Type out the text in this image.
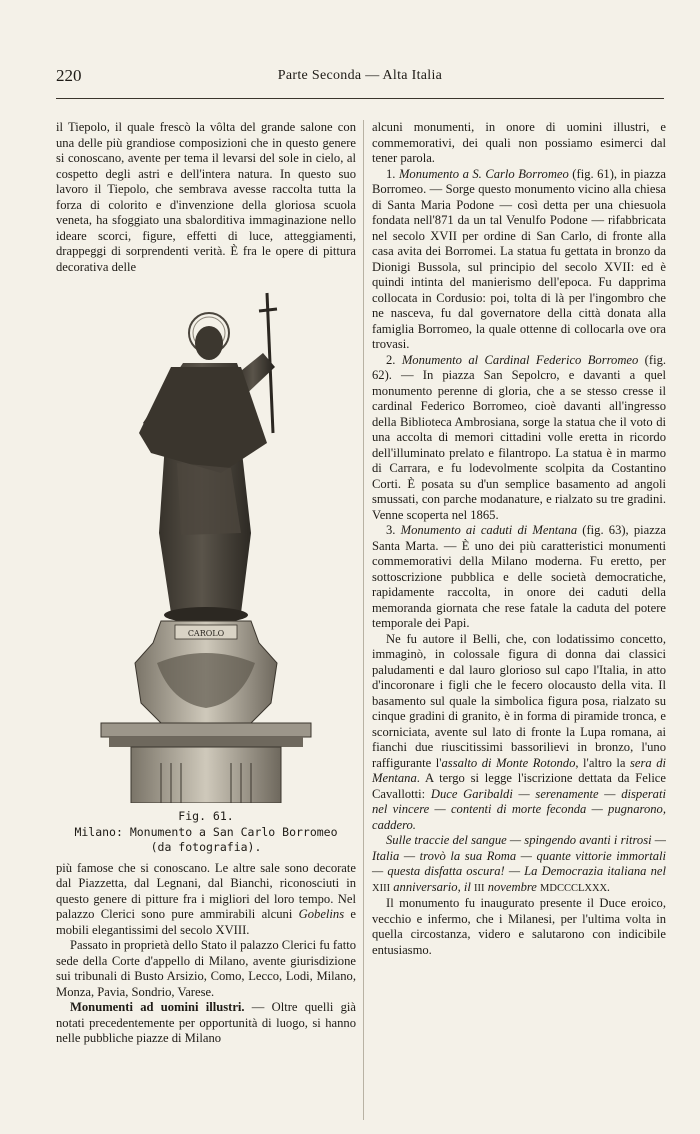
220	Parte Seconda — Alta Italia

il Tiepolo, il quale frescò la vôlta del grande salone con una delle più grandiose composizioni che in questo genere si conoscano, avente per tema il levarsi del sole in cielo, al cospetto degli astri e dell'intera natura. In questo suo lavoro il Tiepolo, che sembrava avesse raccolta tutta la forza di colorito e d'invenzione della gloriosa scuola veneta, ha sfoggiato una sbalorditiva immaginazione nello ideare scorci, figure, effetti di luce, atteggiamenti, drappeggi di sorprendenti verità. È fra le opere di pittura decorativa delle

CAROLO
Fig. 61.
Milano: Monumento a San Carlo Borromeo
(da fotografia).

più famose che si conoscano. Le altre sale sono decorate dal Piazzetta, dal Legnani, dal Bianchi, riconosciuti in questo genere di pitture fra i migliori del loro tempo. Nel palazzo Clerici sono pure ammirabili alcuni Gobelins e mobili elegantissimi del secolo XVIII.

Passato in proprietà dello Stato il palazzo Clerici fu fatto sede della Corte d'appello di Milano, avente giurisdizione sui tribunali di Busto Arsizio, Como, Lecco, Lodi, Milano, Monza, Pavia, Sondrio, Varese.

Monumenti ad uomini illustri. — Oltre quelli già notati precedentemente per opportunità di luogo, si hanno nelle pubbliche piazze di Milano

alcuni monumenti, in onore di uomini illustri, e commemorativi, dei quali non possiamo esimerci dal tener parola.

1. Monumento a S. Carlo Borromeo (fig. 61), in piazza Borromeo. — Sorge questo monumento vicino alla chiesa di Santa Maria Podone — così detta per una chiesuola fondata nell'871 da un tal Venulfo Podone — rifabbricata nel secolo XVII per ordine di San Carlo, di fronte alla casa avita dei Borromei. La statua fu gettata in bronzo da Dionigi Bussola, sul principio del secolo XVII: ed è quindi intinta del manierismo dell'epoca. Fu dapprima collocata in Cordusio: poi, tolta di là per l'ingombro che ne nasceva, fu dal governatore della città donata alla famiglia Borromeo, la quale ottenne di collocarla ove ora trovasi.

2. Monumento al Cardinal Federico Borromeo (fig. 62). — In piazza San Sepolcro, e davanti a quel monumento perenne di gloria, che a se stesso cresse il cardinal Federico Borromeo, cioè davanti all'ingresso della Biblioteca Ambrosiana, sorge la statua che il voto di una accolta di memori cittadini volle eretta in ricordo dell'illuminato prelato e filantropo. La statua è in marmo di Carrara, e fu lodevolmente scolpita da Costantino Corti. È posata su d'un semplice basamento ad angoli smussati, con parche modanature, e rialzato su tre gradini. Venne scoperta nel 1865.

3. Monumento ai caduti di Mentana (fig. 63), piazza Santa Marta. — È uno dei più caratteristici monumenti commemorativi della Milano moderna. Fu eretto, per sottoscrizione pubblica e delle società democratiche, rapidamente raccolta, in onore dei caduti della memoranda giornata che rese fatale la caduta del potere temporale dei Papi.

Ne fu autore il Belli, che, con lodatissimo concetto, immaginò, in colossale figura di donna dai classici paludamenti e dal lauro glorioso sul capo l'Italia, in atto d'incoronare i figli che le fecero olocausto della vita. Il basamento sul quale la simbolica figura posa, rialzato su cinque gradini di granito, è in forma di piramide tronca, e scorniciata, avente sul lato di fronte la Lupa romana, ai fianchi due riuscitissimi bassorilievi in bronzo, l'uno raffigurante l'assalto di Monte Rotondo, l'altro la sera di Mentana. A tergo si legge l'iscrizione dettata da Felice Cavallotti: Duce Garibaldi — serenamente — disperati nel vincere — contenti di morte feconda — pugnarono, caddero.

Sulle traccie del sangue — spingendo avanti i ritrosi — Italia — trovò la sua Roma — quante vittorie immortali — questa disfatta oscura! — La Democrazia italiana nel XIII anniversario, il III novembre MDCCCLXXX.

Il monumento fu inaugurato presente il Duce eroico, vecchio e infermo, che i Milanesi, per l'ultima volta in quella circostanza, videro e salutarono con indicibile entusiasmo.
